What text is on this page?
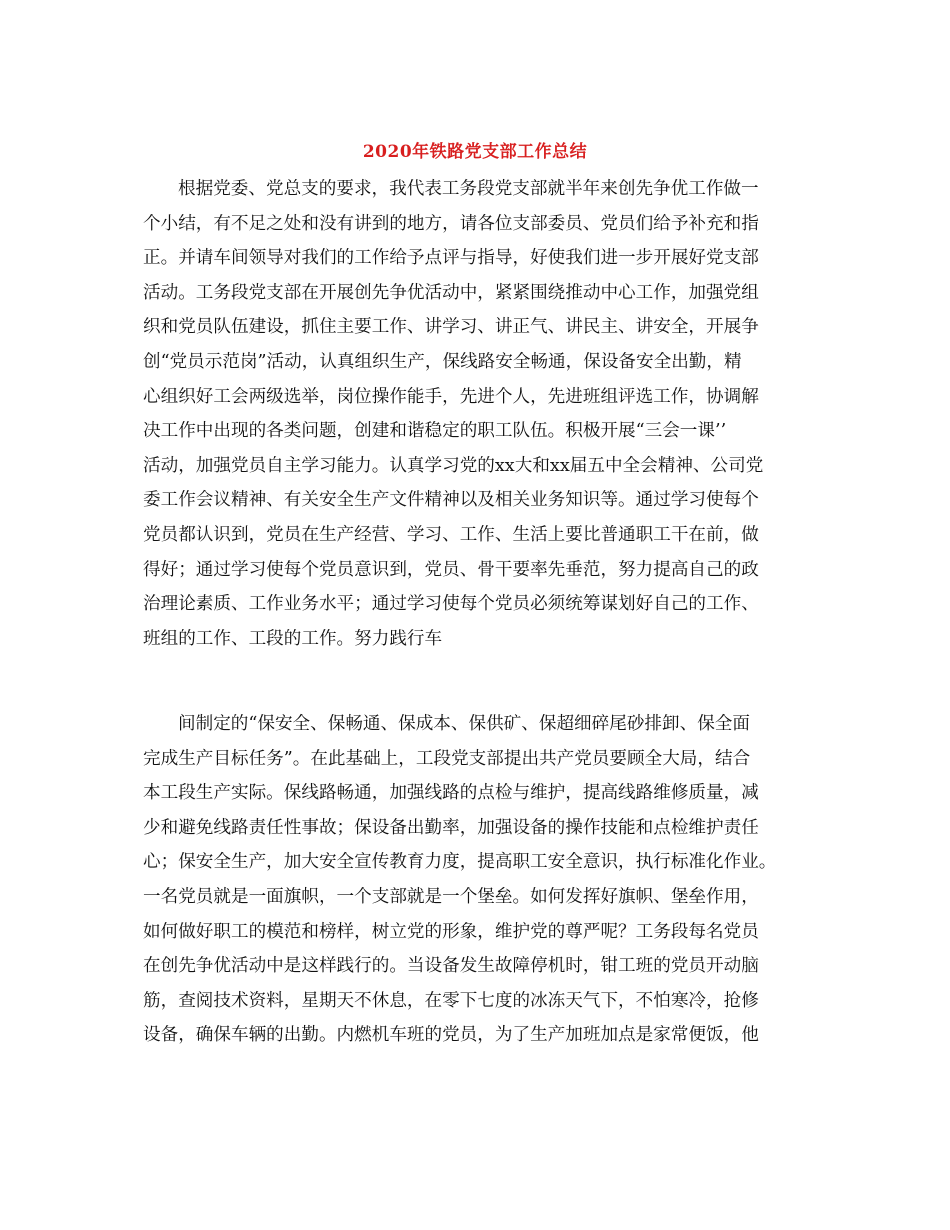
2020年铁路党支部工作总结
根据党委、党总支的要求，我代表工务段党支部就半年来创先争优工作做一
个小结，有不足之处和没有讲到的地方，请各位支部委员、党员们给予补充和指
正。并请车间领导对我们的工作给予点评与指导，好使我们进一步开展好党支部
活动。工务段党支部在开展创先争优活动中，紧紧围绕推动中心工作，加强党组
织和党员队伍建设，抓住主要工作、讲学习、讲正气、讲民主、讲安全，开展争
创“党员示范岗”活动，认真组织生产，保线路安全畅通，保设备安全出勤，精
心组织好工会两级选举，岗位操作能手，先进个人，先进班组评选工作，协调解
决工作中出现的各类问题，创建和谐稳定的职工队伍。积极开展“三会一课’’
活动，加强党员自主学习能力。认真学习党的xx大和xx届五中全会精神、公司党
委工作会议精神、有关安全生产文件精神以及相关业务知识等。通过学习使每个
党员都认识到，党员在生产经营、学习、工作、生活上要比普通职工干在前，做
得好；通过学习使每个党员意识到，党员、骨干要率先垂范，努力提高自己的政
治理论素质、工作业务水平；通过学习使每个党员必须统筹谋划好自己的工作、
班组的工作、工段的工作。努力践行车
间制定的“保安全、保畅通、保成本、保供矿、保超细碎尾砂排卸、保全面
完成生产目标任务”。在此基础上，工段党支部提出共产党员要顾全大局，结合
本工段生产实际。保线路畅通，加强线路的点检与维护，提高线路维修质量，减
少和避免线路责任性事故；保设备出勤率，加强设备的操作技能和点检维护责任
心；保安全生产，加大安全宣传教育力度，提高职工安全意识，执行标准化作业。
一名党员就是一面旗帜，一个支部就是一个堡垒。如何发挥好旗帜、堡垒作用，
如何做好职工的模范和榜样，树立党的形象，维护党的尊严呢？工务段每名党员
在创先争优活动中是这样践行的。当设备发生故障停机时，钳工班的党员开动脑
筋，查阅技术资料，星期天不休息，在零下七度的冰冻天气下，不怕寒冷，抢修
设备，确保车辆的出勤。内燃机车班的党员，为了生产加班加点是家常便饭，他
